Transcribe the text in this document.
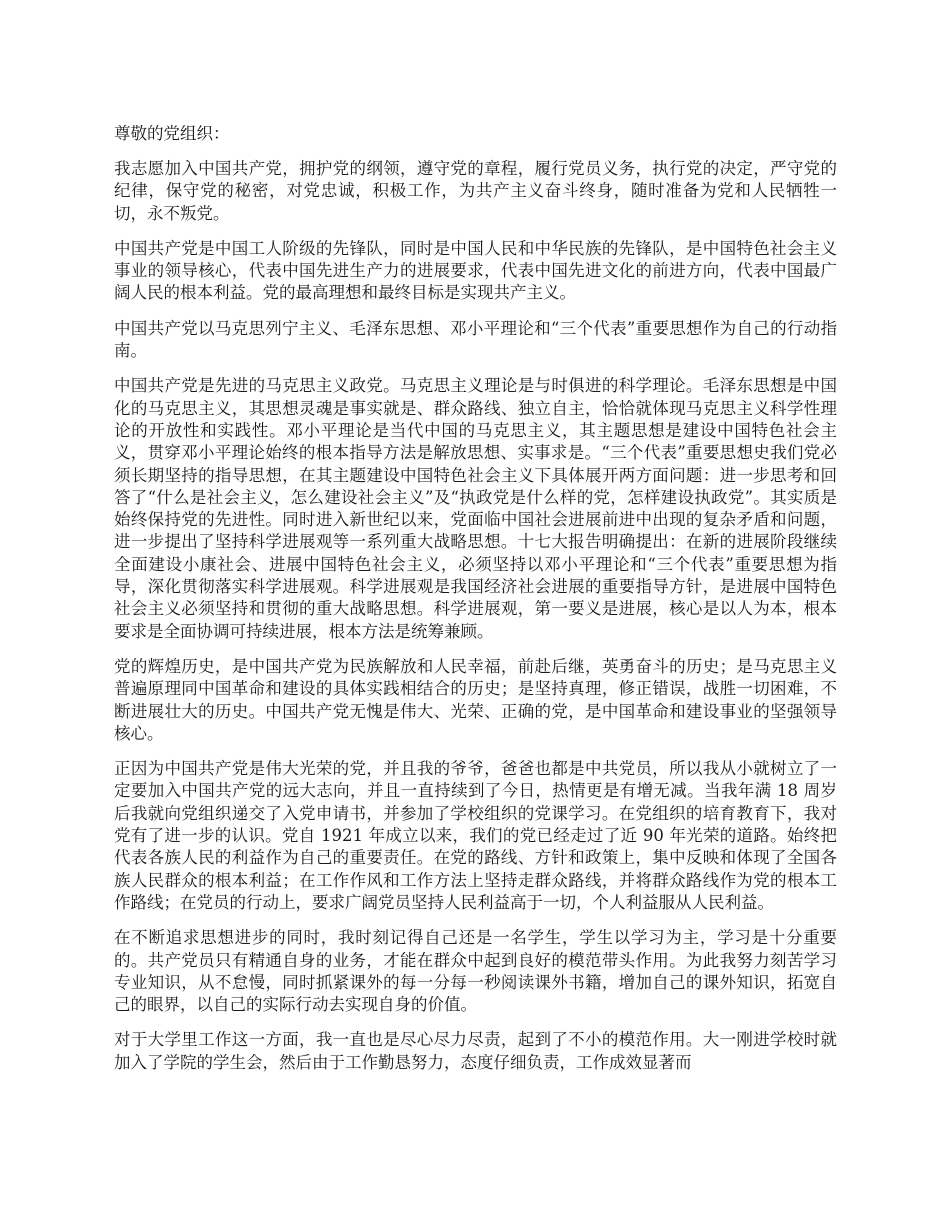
尊敬的党组织：

我志愿加入中国共产党，拥护党的纲领，遵守党的章程，履行党员义务，执行党的决定，严守党的纪律，保守党的秘密，对党忠诚，积极工作，为共产主义奋斗终身，随时准备为党和人民牺牲一切，永不叛党。

中国共产党是中国工人阶级的先锋队，同时是中国人民和中华民族的先锋队，是中国特色社会主义事业的领导核心，代表中国先进生产力的进展要求，代表中国先进文化的前进方向，代表中国最广阔人民的根本利益。党的最高理想和最终目标是实现共产主义。

中国共产党以马克思列宁主义、毛泽东思想、邓小平理论和“三个代表”重要思想作为自己的行动指南。

中国共产党是先进的马克思主义政党。马克思主义理论是与时俱进的科学理论。毛泽东思想是中国化的马克思主义，其思想灵魂是事实就是、群众路线、独立自主，恰恰就体现马克思主义科学性理论的开放性和实践性。邓小平理论是当代中国的马克思主义，其主题思想是建设中国特色社会主义，贯穿邓小平理论始终的根本指导方法是解放思想、实事求是。“三个代表”重要思想史我们党必须长期坚持的指导思想，在其主题建设中国特色社会主义下具体展开两方面问题：进一步思考和回答了“什么是社会主义，怎么建设社会主义”及“执政党是什么样的党，怎样建设执政党”。其实质是始终保持党的先进性。同时进入新世纪以来，党面临中国社会进展前进中出现的复杂矛盾和问题，进一步提出了坚持科学进展观等一系列重大战略思想。十七大报告明确提出：在新的进展阶段继续全面建设小康社会、进展中国特色社会主义，必须坚持以邓小平理论和“三个代表”重要思想为指导，深化贯彻落实科学进展观。科学进展观是我国经济社会进展的重要指导方针，是进展中国特色社会主义必须坚持和贯彻的重大战略思想。科学进展观，第一要义是进展，核心是以人为本，根本要求是全面协调可持续进展，根本方法是统筹兼顾。

党的辉煌历史，是中国共产党为民族解放和人民幸福，前赴后继，英勇奋斗的历史；是马克思主义普遍原理同中国革命和建设的具体实践相结合的历史；是坚持真理，修正错误，战胜一切困难，不断进展壮大的历史。中国共产党无愧是伟大、光荣、正确的党，是中国革命和建设事业的坚强领导核心。

正因为中国共产党是伟大光荣的党，并且我的爷爷，爸爸也都是中共党员，所以我从小就树立了一定要加入中国共产党的远大志向，并且一直持续到了今日，热情更是有增无减。当我年满 18 周岁后我就向党组织递交了入党申请书，并参加了学校组织的党课学习。在党组织的培育教育下，我对党有了进一步的认识。党自 1921 年成立以来，我们的党已经走过了近 90 年光荣的道路。始终把代表各族人民的利益作为自己的重要责任。在党的路线、方针和政策上，集中反映和体现了全国各族人民群众的根本利益；在工作作风和工作方法上坚持走群众路线，并将群众路线作为党的根本工作路线；在党员的行动上，要求广阔党员坚持人民利益高于一切，个人利益服从人民利益。

在不断追求思想进步的同时，我时刻记得自己还是一名学生，学生以学习为主，学习是十分重要的。共产党员只有精通自身的业务，才能在群众中起到良好的模范带头作用。为此我努力刻苦学习专业知识，从不怠慢，同时抓紧课外的每一分每一秒阅读课外书籍，增加自己的课外知识，拓宽自己的眼界，以自己的实际行动去实现自身的价值。

对于大学里工作这一方面，我一直也是尽心尽力尽责，起到了不小的模范作用。大一刚进学校时就加入了学院的学生会，然后由于工作勤恳努力，态度仔细负责，工作成效显著而
